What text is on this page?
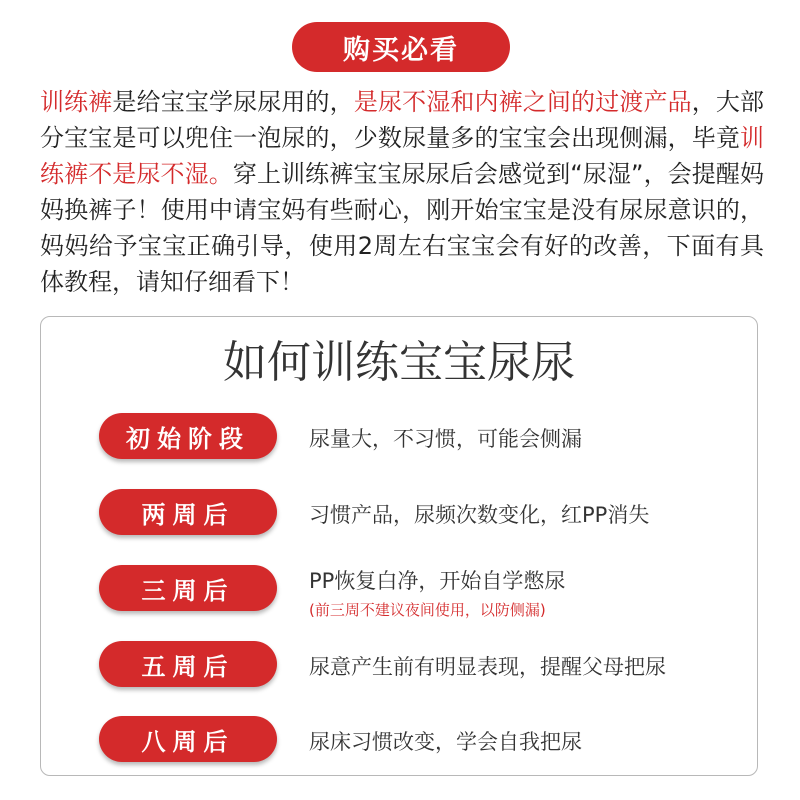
购买必看

训练裤是给宝宝学尿尿用的，是尿不湿和内裤之间的过渡产品，大部分宝宝是可以兜住一泡尿的，少数尿量多的宝宝会出现侧漏，毕竟训练裤不是尿不湿。穿上训练裤宝宝尿尿后会感觉到“尿湿”，会提醒妈妈换裤子！使用中请宝妈有些耐心，刚开始宝宝是没有尿尿意识的，妈妈给予宝宝正确引导，使用2周左右宝宝会有好的改善，下面有具体教程，请知仔细看下！

如何训练宝宝尿尿
初始阶段	尿量大，不习惯，可能会侧漏
两周后	习惯产品，尿频次数变化，红PP消失
三周后	PP恢复白净，开始自学憋尿
(前三周不建议夜间使用，以防侧漏)
五周后	尿意产生前有明显表现，提醒父母把尿
八周后	尿床习惯改变，学会自我把尿
